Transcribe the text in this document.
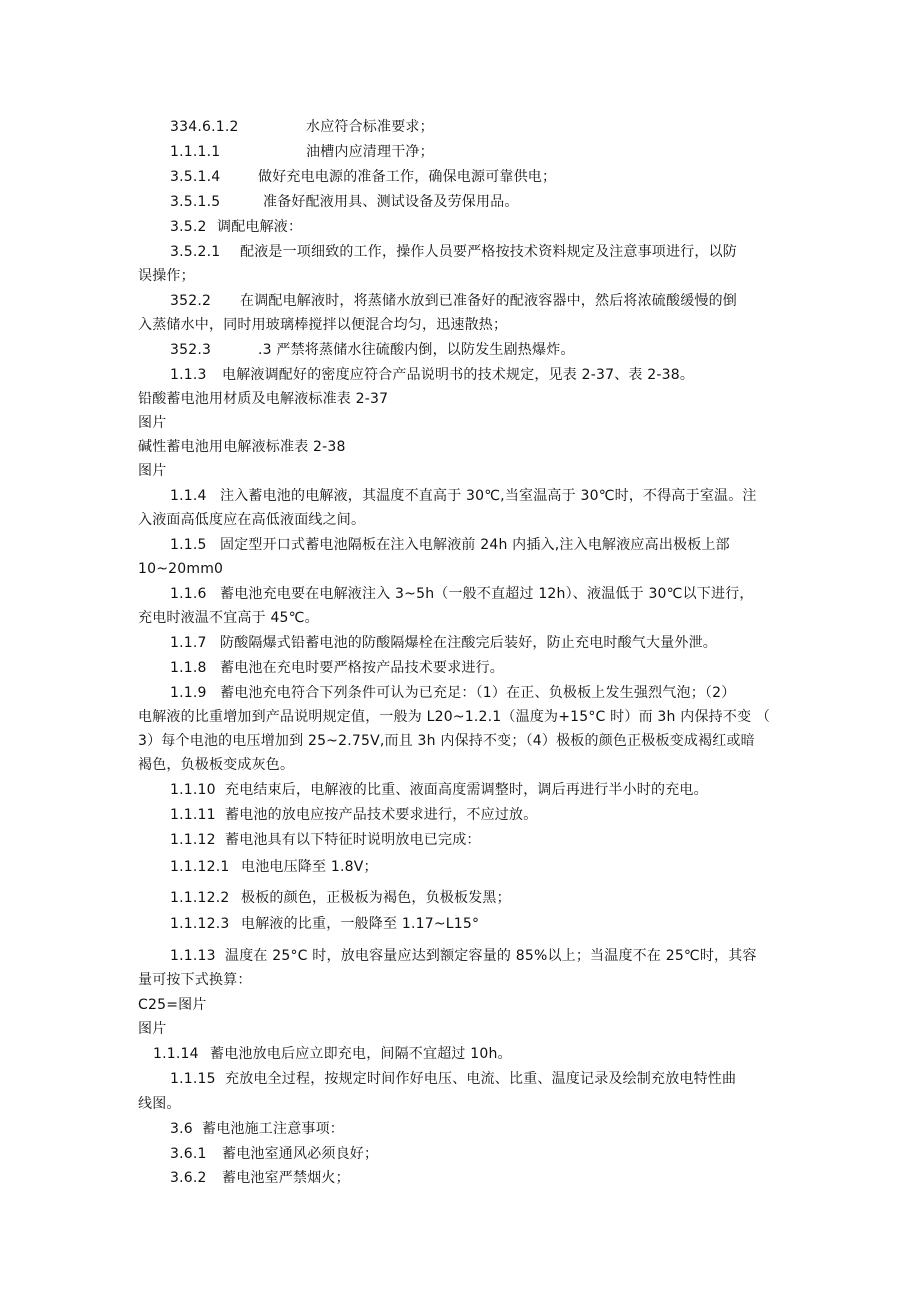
334.6.1.2	水应符合标准要求；
1.1.1.1	油槽内应清理干净；
3.5.1.4	做好充电电源的准备工作，确保电源可靠供电；
3.5.1.5	准备好配液用具、测试设备及劳保用品。
3.5.2 调配电解液：
3.5.2.1 配液是一项细致的工作，操作人员要严格按技术资料规定及注意事项进行，以防
误操作；
352.2 在调配电解液时，将蒸储水放到已准备好的配液容器中，然后将浓硫酸缓慢的倒
入蒸储水中，同时用玻璃棒搅拌以便混合均匀，迅速散热；
352.3	.3 严禁将蒸储水往硫酸内倒，以防发生剧热爆炸。
1.1.3 电解液调配好的密度应符合产品说明书的技术规定，见表 2-37、表 2-38。
铅酸蓄电池用材质及电解液标准表 2-37
图片
碱性蓄电池用电解液标准表 2-38
图片
1.1.4 注入蓄电池的电解液，其温度不直高于 30℃,当室温高于 30℃时，不得高于室温。注
入液面高低度应在高低液面线之间。
1.1.5 固定型开口式蓄电池隔板在注入电解液前 24h 内插入,注入电解液应高出极板上部
10~20mm0
1.1.6 蓄电池充电要在电解液注入 3~5h（一般不直超过 12h）、液温低于 30℃以下进行，
充电时液温不宜高于 45℃。
1.1.7 防酸隔爆式铅蓄电池的防酸隔爆栓在注酸完后装好，防止充电时酸气大量外泄。
1.1.8 蓄电池在充电时要严格按产品技术要求进行。
1.1.9 蓄电池充电符合下列条件可认为已充足：（1）在正、负极板上发生强烈气泡；（2）
电解液的比重增加到产品说明规定值，一般为 L20~1.2.1（温度为+15°C 时）而 3h 内保持不变 （
3）每个电池的电压增加到 25~2.75V,而且 3h 内保持不变；（4）极板的颜色正极板变成褐红或暗
褐色，负极板变成灰色。
1.1.10 充电结束后，电解液的比重、液面高度需调整时，调后再进行半小时的充电。
1.1.11 蓄电池的放电应按产品技术要求进行，不应过放。
1.1.12 蓄电池具有以下特征时说明放电已完成：
1.1.12.1 电池电压降至 1.8V；
1.1.12.2 极板的颜色，正极板为褐色，负极板发黑；
1.1.12.3 电解液的比重，一般降至 1.17~L15°
1.1.13 温度在 25°C 时，放电容量应达到额定容量的 85%以上；当温度不在 25℃时，其容
量可按下式换算：
C25=图片
图片
1.1.14 蓄电池放电后应立即充电，间隔不宜超过 10h。
1.1.15 充放电全过程，按规定时间作好电压、电流、比重、温度记录及绘制充放电特性曲
线图。
3.6 蓄电池施工注意事项：
3.6.1 蓄电池室通风必须良好；
3.6.2 蓄电池室严禁烟火；
